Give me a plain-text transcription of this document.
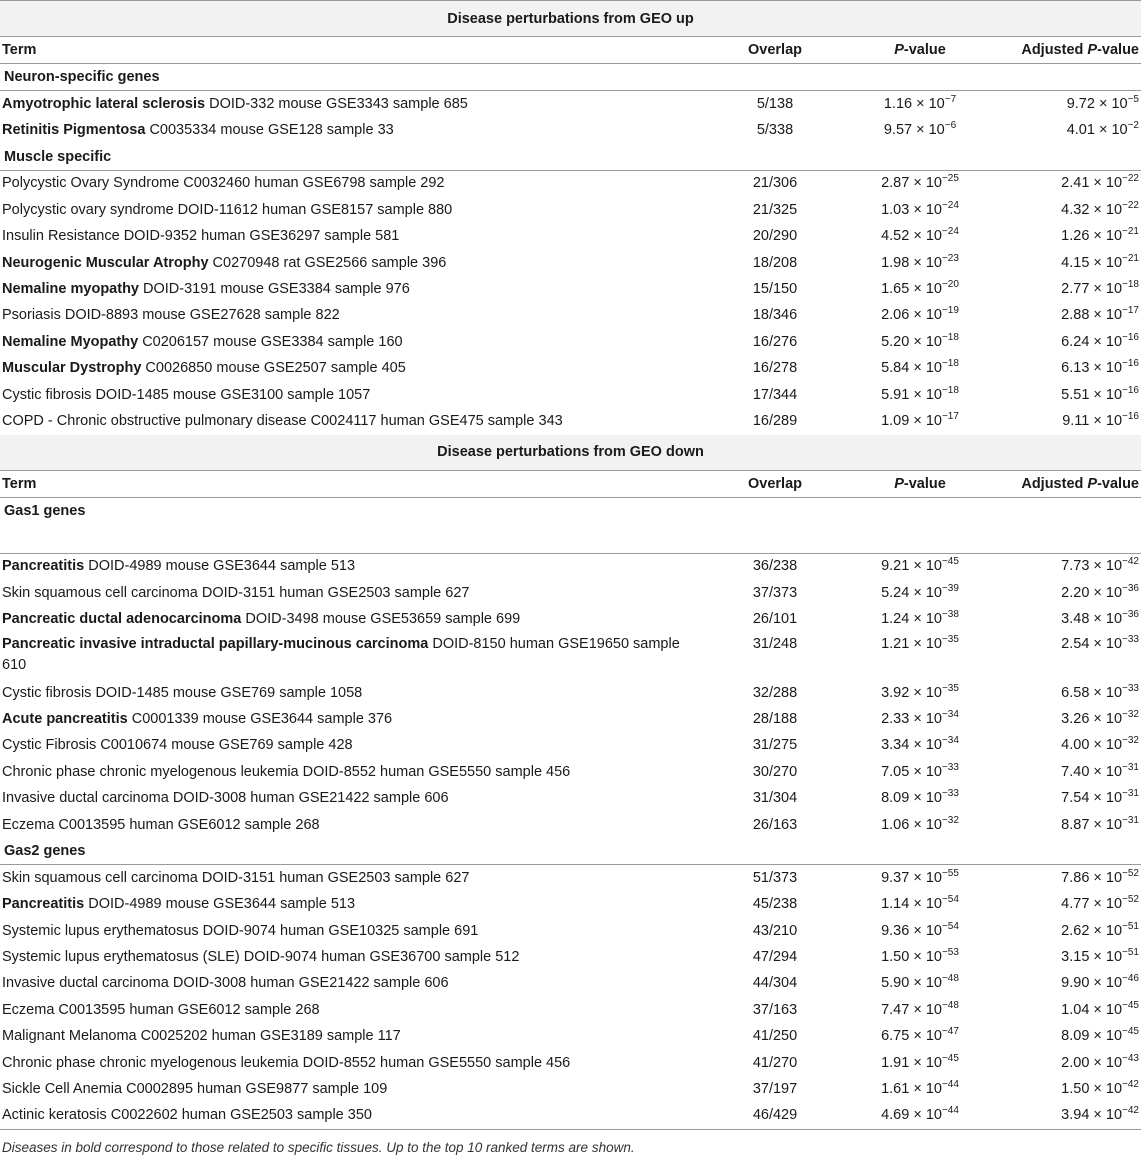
Disease perturbations from GEO up			
Term	Overlap	P-value	Adjusted P-value
Neuron-specific genes			
Amyotrophic lateral sclerosis DOID-332 mouse GSE3343 sample 685	5/138	$1.16 \times 10^{-7}$	$9.72 \times 10^{-5}$
Retinitis Pigmentosa C0035334 mouse GSE128 sample 33	5/338	$9.57 \times 10^{-6}$	$4.01 \times 10^{-2}$
Muscle specific			
Polycystic Ovary Syndrome C0032460 human GSE6798 sample 292	21/306	$2.87 \times 10^{-25}$	$2.41 \times 10^{-22}$
Polycystic ovary syndrome DOID-11612 human GSE8157 sample 880	21/325	$1.03 \times 10^{-24}$	$4.32 \times 10^{-22}$
Insulin Resistance DOID-9352 human GSE36297 sample 581	20/290	$4.52 \times 10^{-24}$	$1.26 \times 10^{-21}$
Neurogenic Muscular Atrophy C0270948 rat GSE2566 sample 396	18/208	$1.98 \times 10^{-23}$	$4.15 \times 10^{-21}$
Nemaline myopathy DOID-3191 mouse GSE3384 sample 976	15/150	$1.65 \times 10^{-20}$	$2.77 \times 10^{-18}$
Psoriasis DOID-8893 mouse GSE27628 sample 822	18/346	$2.06 \times 10^{-19}$	$2.88 \times 10^{-17}$
Nemaline Myopathy C0206157 mouse GSE3384 sample 160	16/276	$5.20 \times 10^{-18}$	$6.24 \times 10^{-16}$
Muscular Dystrophy C0026850 mouse GSE2507 sample 405	16/278	$5.84 \times 10^{-18}$	$6.13 \times 10^{-16}$
Cystic fibrosis DOID-1485 mouse GSE3100 sample 1057	17/344	$5.91 \times 10^{-18}$	$5.51 \times 10^{-16}$
COPD - Chronic obstructive pulmonary disease C0024117 human GSE475 sample 343	16/289	$1.09 \times 10^{-17}$	$9.11 \times 10^{-16}$
Disease perturbations from GEO down			
Term	Overlap	P-value	Adjusted P-value
Gas1 genes			
Pancreatitis DOID-4989 mouse GSE3644 sample 513	36/238	$9.21 \times 10^{-45}$	$7.73 \times 10^{-42}$
Skin squamous cell carcinoma DOID-3151 human GSE2503 sample 627	37/373	$5.24 \times 10^{-39}$	$2.20 \times 10^{-36}$
Pancreatic ductal adenocarcinoma DOID-3498 mouse GSE53659 sample 699	26/101	$1.24 \times 10^{-38}$	$3.48 \times 10^{-36}$
Pancreatic invasive intraductal papillary-mucinous carcinoma DOID-8150 human GSE19650 sample 610	31/248	$1.21 \times 10^{-35}$	$2.54 \times 10^{-33}$
Cystic fibrosis DOID-1485 mouse GSE769 sample 1058	32/288	$3.92 \times 10^{-35}$	$6.58 \times 10^{-33}$
Acute pancreatitis C0001339 mouse GSE3644 sample 376	28/188	$2.33 \times 10^{-34}$	$3.26 \times 10^{-32}$
Cystic Fibrosis C0010674 mouse GSE769 sample 428	31/275	$3.34 \times 10^{-34}$	$4.00 \times 10^{-32}$
Chronic phase chronic myelogenous leukemia DOID-8552 human GSE5550 sample 456	30/270	$7.05 \times 10^{-33}$	$7.40 \times 10^{-31}$
Invasive ductal carcinoma DOID-3008 human GSE21422 sample 606	31/304	$8.09 \times 10^{-33}$	$7.54 \times 10^{-31}$
Eczema C0013595 human GSE6012 sample 268	26/163	$1.06 \times 10^{-32}$	$8.87 \times 10^{-31}$
Gas2 genes			
Skin squamous cell carcinoma DOID-3151 human GSE2503 sample 627	51/373	$9.37 \times 10^{-55}$	$7.86 \times 10^{-52}$
Pancreatitis DOID-4989 mouse GSE3644 sample 513	45/238	$1.14 \times 10^{-54}$	$4.77 \times 10^{-52}$
Systemic lupus erythematosus DOID-9074 human GSE10325 sample 691	43/210	$9.36 \times 10^{-54}$	$2.62 \times 10^{-51}$
Systemic lupus erythematosus (SLE) DOID-9074 human GSE36700 sample 512	47/294	$1.50 \times 10^{-53}$	$3.15 \times 10^{-51}$
Invasive ductal carcinoma DOID-3008 human GSE21422 sample 606	44/304	$5.90 \times 10^{-48}$	$9.90 \times 10^{-46}$
Eczema C0013595 human GSE6012 sample 268	37/163	$7.47 \times 10^{-48}$	$1.04 \times 10^{-45}$
Malignant Melanoma C0025202 human GSE3189 sample 117	41/250	$6.75 \times 10^{-47}$	$8.09 \times 10^{-45}$
Chronic phase chronic myelogenous leukemia DOID-8552 human GSE5550 sample 456	41/270	$1.91 \times 10^{-45}$	$2.00 \times 10^{-43}$
Sickle Cell Anemia C0002895 human GSE9877 sample 109	37/197	$1.61 \times 10^{-44}$	$1.50 \times 10^{-42}$
Actinic keratosis C0022602 human GSE2503 sample 350	46/429	$4.69 \times 10^{-44}$	$3.94 \times 10^{-42}$
Diseases in bold correspond to those related to specific tissues. Up to the top 10 ranked terms are shown.
